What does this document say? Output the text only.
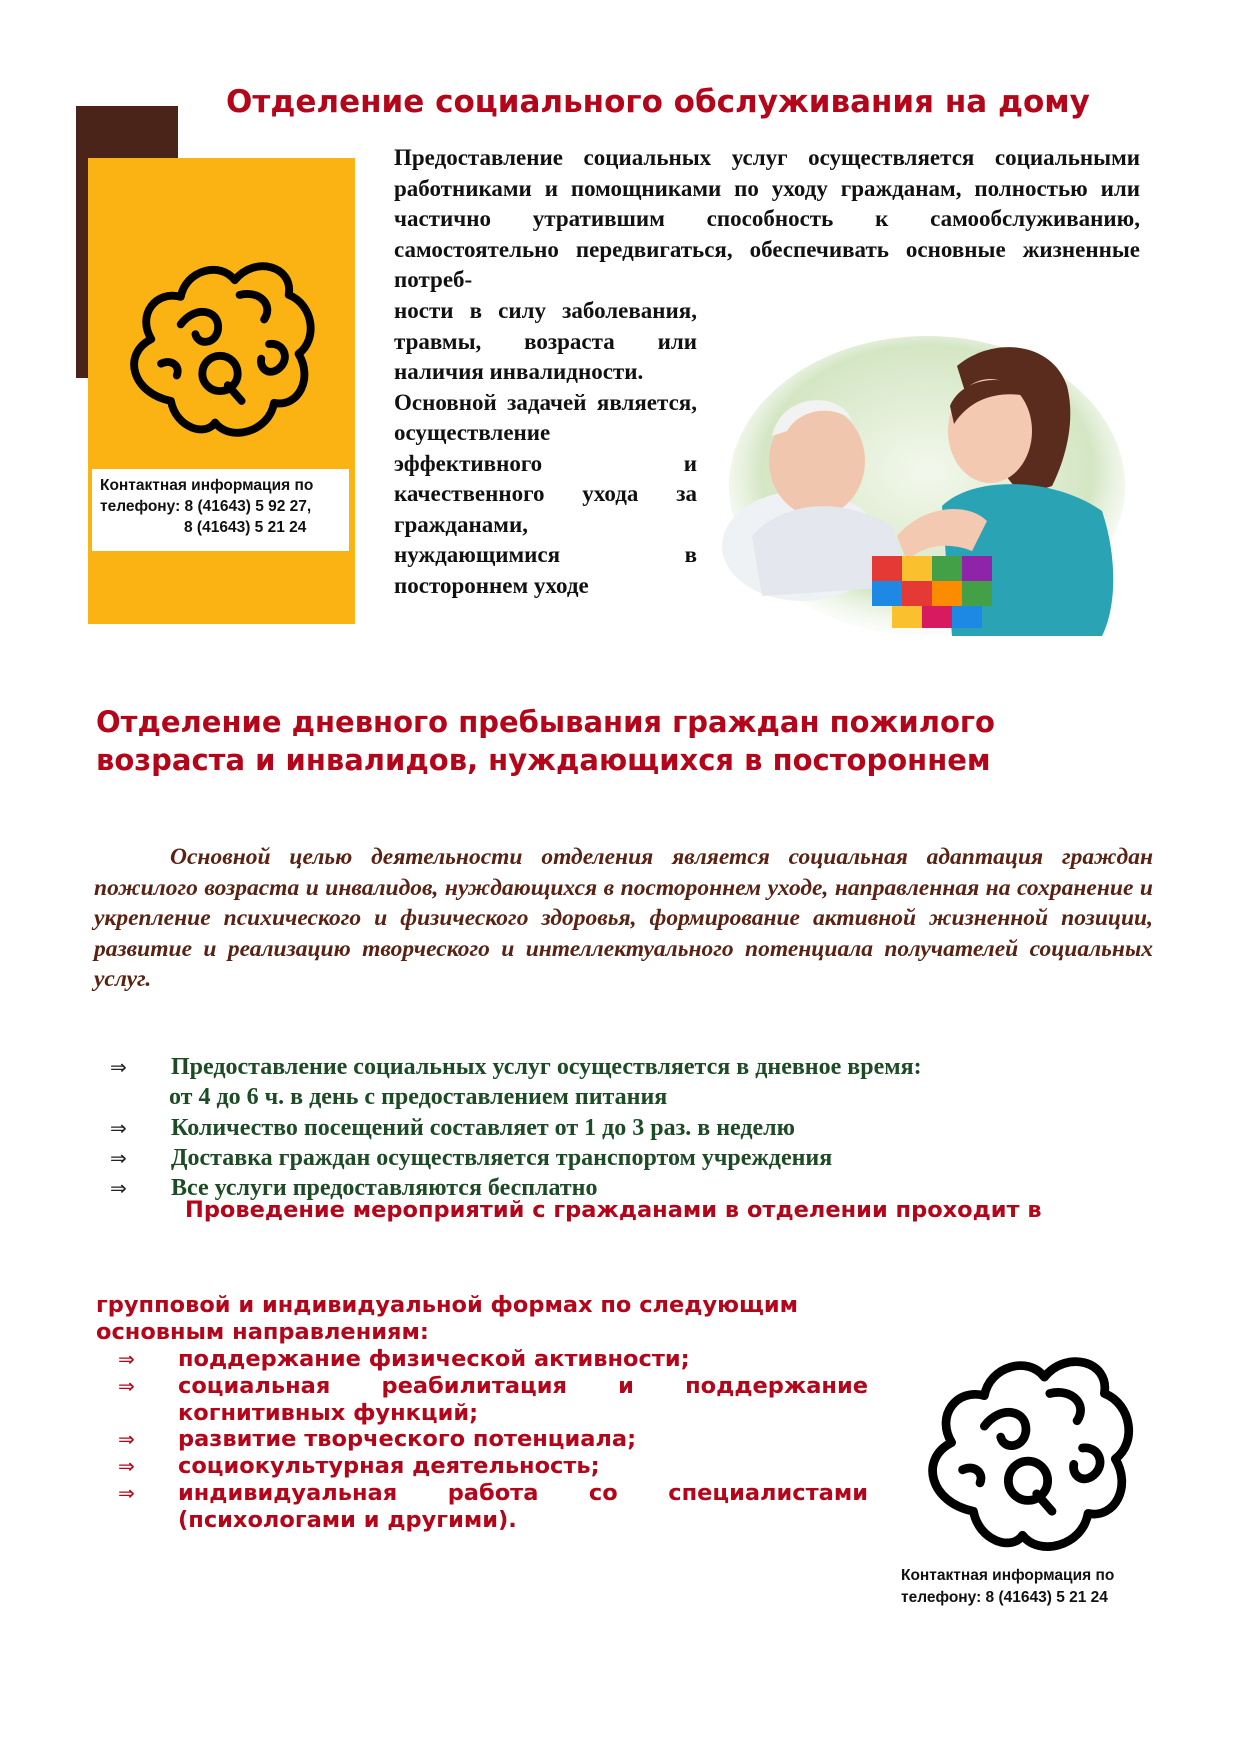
Отделение социального обслуживания на дому
Контактная информация по
телефону: 8 (41643) 5 92 27,

8 (41643) 5 21 24
Предоставление социальных услуг осуществляется социальными работниками и помощниками по уходу гражданам, полностью или частично утратившим способность к самообслуживанию, самостоятельно передвигаться, обеспечивать основные жизненные потреб-
ности в силу заболевания, травмы, возраста или наличия инвалидности.
Основной задачей является, осуществление эффективного и качественного ухода за гражданами, нуждающимися в постороннем уходе
Отделение дневного пребывания граждан пожилого
возраста и инвалидов, нуждающихся в постороннем
Основной целью деятельности отделения является социальная адаптация граждан пожилого возраста и инвалидов, нуждающихся в постороннем уходе, направленная на сохранение и укрепление психического и физического здоровья, формирование активной жизненной позиции, развитие и реализацию творческого и интеллектуального потенциала получателей социальных услуг.
⇒ Предоставление социальных услуг осуществляется в дневное время:
от 4 до 6 ч. в день с предоставлением питания
⇒ Количество посещений составляет от 1 до 3 раз. в неделю
⇒ Доставка граждан осуществляется транспортом учреждения
⇒ Все услуги предоставляются бесплатно
Проведение мероприятий с гражданами в отделении проходит в
групповой и индивидуальной формах по следующим
основным направлениям:
⇒ поддержание физической активности;
⇒ социальная реабилитация и поддержание когнитивных функций;
⇒ развитие творческого потенциала;
⇒ социокультурная деятельность;
⇒ индивидуальная работа со специалистами (психологами и другими).
Контактная информация по
телефону: 8 (41643) 5 21 24
